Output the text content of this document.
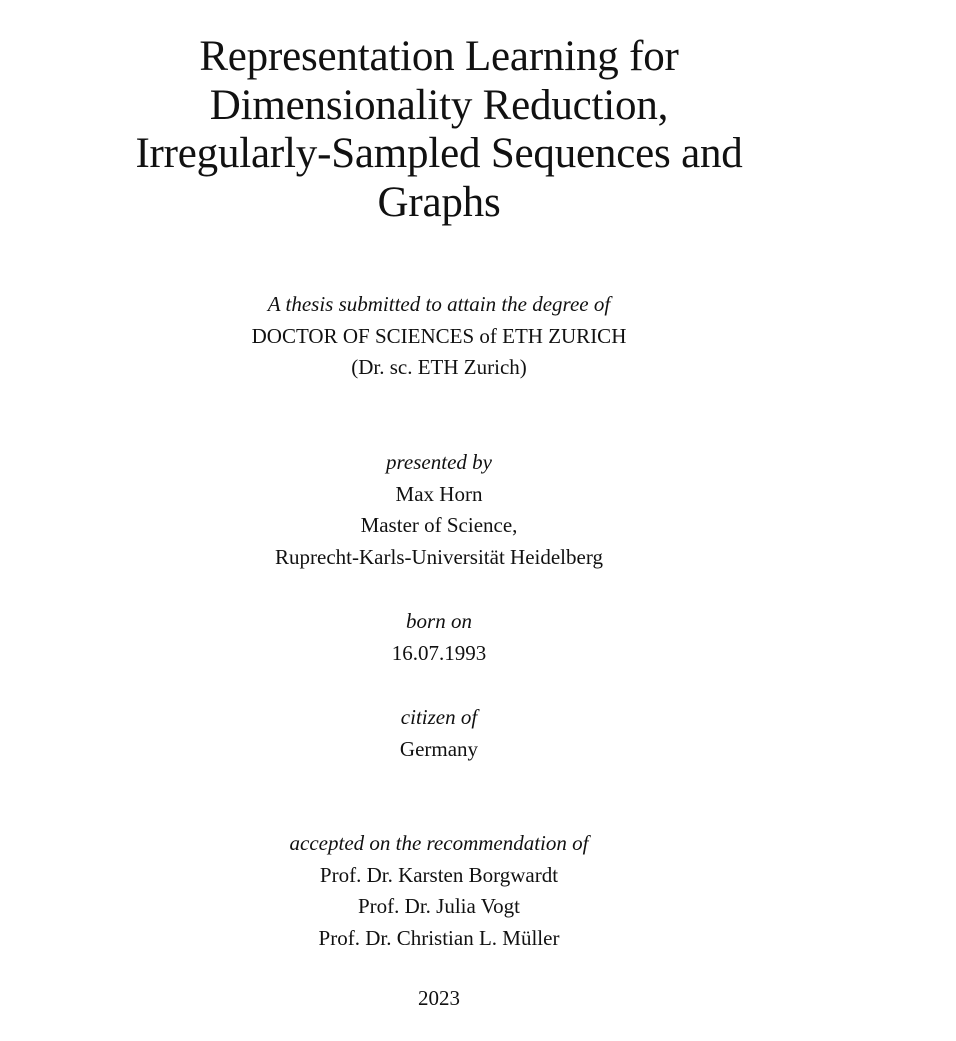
Representation Learning for
Dimensionality Reduction,
Irregularly-Sampled Sequences and
Graphs
A thesis submitted to attain the degree of
DOCTOR OF SCIENCES of ETH ZURICH
(Dr. sc. ETH Zurich)
presented by
Max Horn
Master of Science,
Ruprecht-Karls-Universität Heidelberg
born on
16.07.1993
citizen of
Germany
accepted on the recommendation of
Prof. Dr. Karsten Borgwardt
Prof. Dr. Julia Vogt
Prof. Dr. Christian L. Müller
2023
